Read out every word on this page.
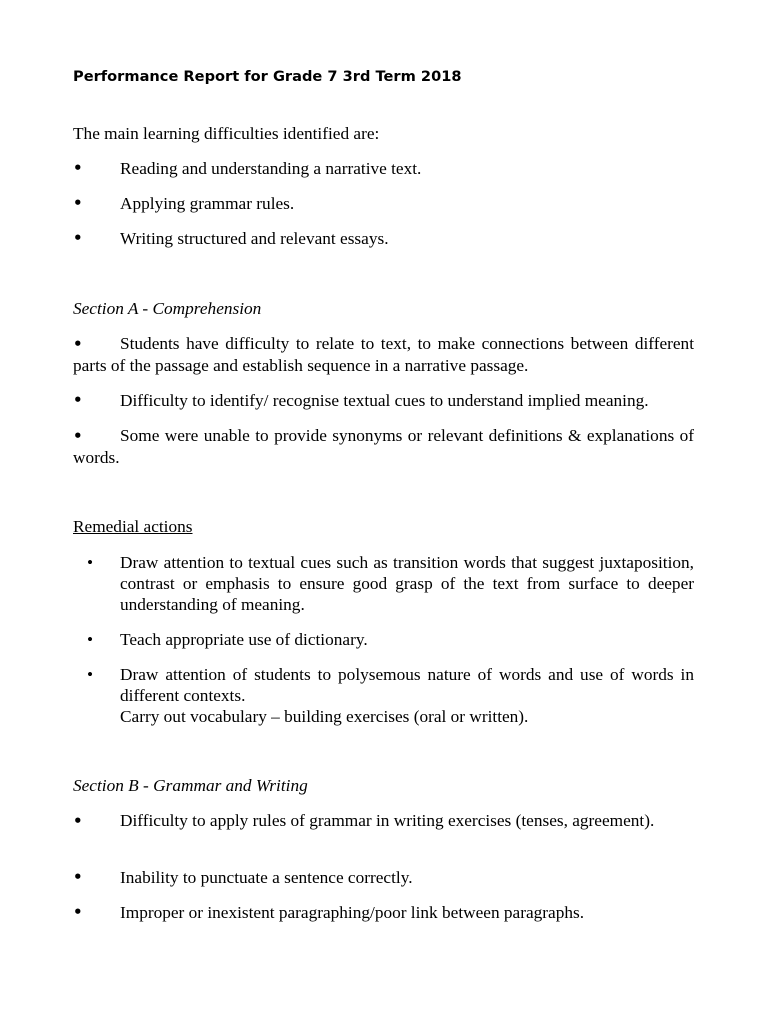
Performance Report for Grade 7 3rd Term 2018
The main learning difficulties identified are:
•	Reading and understanding a narrative text.
•	Applying grammar rules.
•	Writing structured and relevant essays.
Section A - Comprehension
• Students have difficulty to relate to text, to make connections between different parts of the passage and establish sequence in a narrative passage.
•	Difficulty to identify/ recognise textual cues to understand implied meaning.
• Some were unable to provide synonyms or relevant definitions & explanations of words.
Remedial actions
• Draw attention to textual cues such as transition words that suggest juxtaposition, contrast or emphasis to ensure good grasp of the text from surface to deeper understanding of meaning.
• Teach appropriate use of dictionary.
• Draw attention of students to polysemous nature of words and use of words in different contexts.
Carry out vocabulary – building exercises (oral or written).
Section B - Grammar and Writing
• Difficulty to apply rules of grammar in writing exercises (tenses, agreement).
•	Inability to punctuate a sentence correctly.
•	Improper or inexistent paragraphing/poor link between paragraphs.
